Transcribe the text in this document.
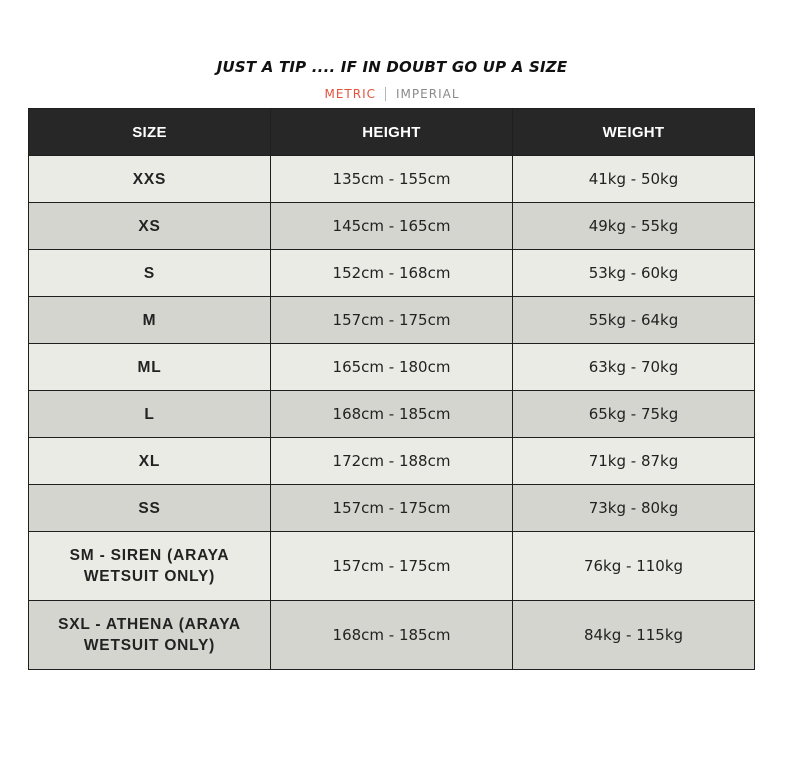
JUST A TIP .... IF IN DOUBT GO UP A SIZE
METRIC IMPERIAL
SIZE	HEIGHT	WEIGHT
XXS	135cm - 155cm	41kg - 50kg
XS	145cm - 165cm	49kg - 55kg
S	152cm - 168cm	53kg - 60kg
M	157cm - 175cm	55kg - 64kg
ML	165cm - 180cm	63kg - 70kg
L	168cm - 185cm	65kg - 75kg
XL	172cm - 188cm	71kg - 87kg
SS	157cm - 175cm	73kg - 80kg
SM - SIREN (ARAYA WETSUIT ONLY)	157cm - 175cm	76kg - 110kg
SXL - ATHENA (ARAYA WETSUIT ONLY)	168cm - 185cm	84kg - 115kg
